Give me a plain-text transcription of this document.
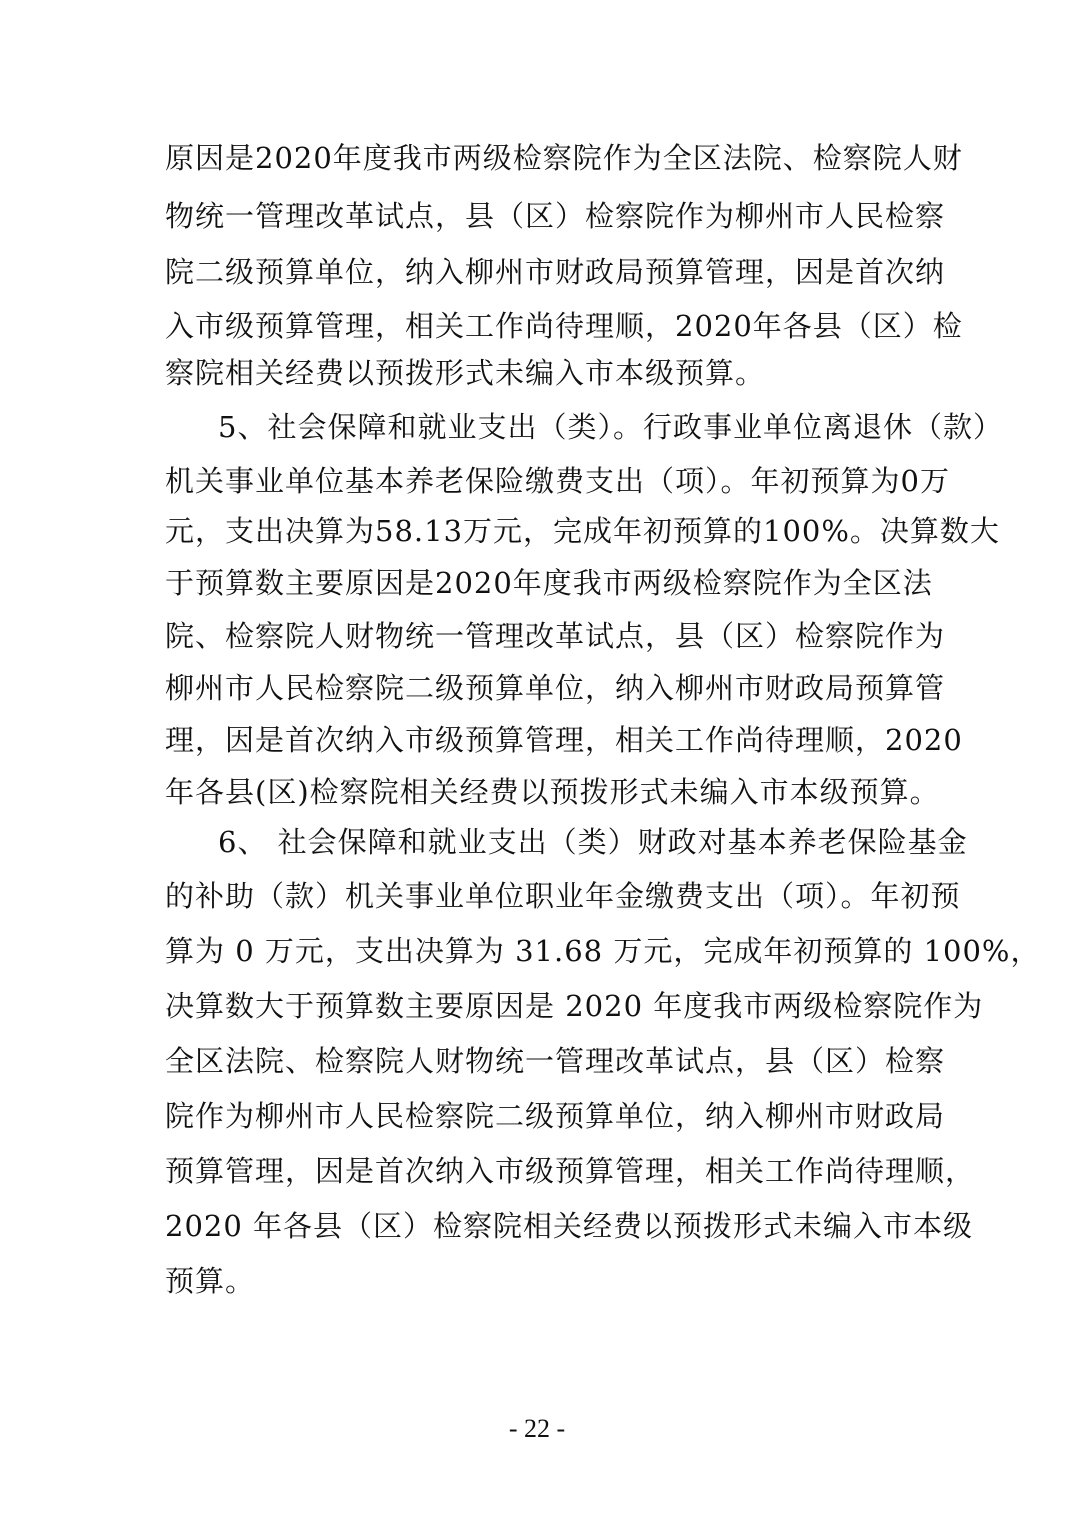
原因是2020年度我市两级检察院作为全区法院、检察院人财
物统一管理改革试点，县（区）检察院作为柳州市人民检察
院二级预算单位，纳入柳州市财政局预算管理，因是首次纳
入市级预算管理，相关工作尚待理顺，2020年各县（区）检
察院相关经费以预拨形式未编入市本级预算。
5、社会保障和就业支出（类）。行政事业单位离退休（款）
机关事业单位基本养老保险缴费支出（项）。年初预算为0万
元，支出决算为58.13万元，完成年初预算的100%。决算数大
于预算数主要原因是2020年度我市两级检察院作为全区法
院、检察院人财物统一管理改革试点，县（区）检察院作为
柳州市人民检察院二级预算单位，纳入柳州市财政局预算管
理，因是首次纳入市级预算管理，相关工作尚待理顺，2020
年各县(区)检察院相关经费以预拨形式未编入市本级预算。
6、 社会保障和就业支出（类）财政对基本养老保险基金
的补助（款）机关事业单位职业年金缴费支出（项）。年初预
算为 0 万元，支出决算为 31.68 万元，完成年初预算的 100%，
决算数大于预算数主要原因是 2020 年度我市两级检察院作为
全区法院、检察院人财物统一管理改革试点，县（区）检察
院作为柳州市人民检察院二级预算单位，纳入柳州市财政局
预算管理，因是首次纳入市级预算管理，相关工作尚待理顺，
2020 年各县（区）检察院相关经费以预拨形式未编入市本级
预算。
- 22 -
